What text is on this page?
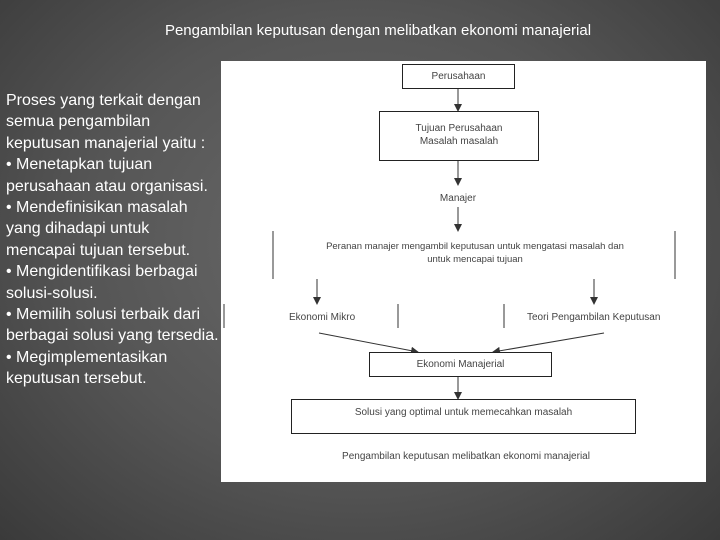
Pengambilan keputusan dengan melibatkan ekonomi manajerial

Proses yang terkait dengan semua pengambilan keputusan manajerial yaitu :

• Menetapkan tujuan perusahaan atau organisasi.

• Mendefinisikan masalah yang dihadapi untuk mencapai tujuan tersebut.

• Mengidentifikasi berbagai solusi-solusi.

• Memilih solusi terbaik dari berbagai solusi yang tersedia.

• Megimplementasikan keputusan tersebut.

Perusahaan
Tujuan Perusahaan
Masalah masalah
Manajer
Peranan manajer mengambil keputusan untuk mengatasi masalah dan
untuk mencapai tujuan
Ekonomi Mikro	Teori Pengambilan Keputusan
Ekonomi Manajerial
Solusi yang optimal untuk memecahkan masalah
Pengambilan keputusan melibatkan ekonomi manajerial
